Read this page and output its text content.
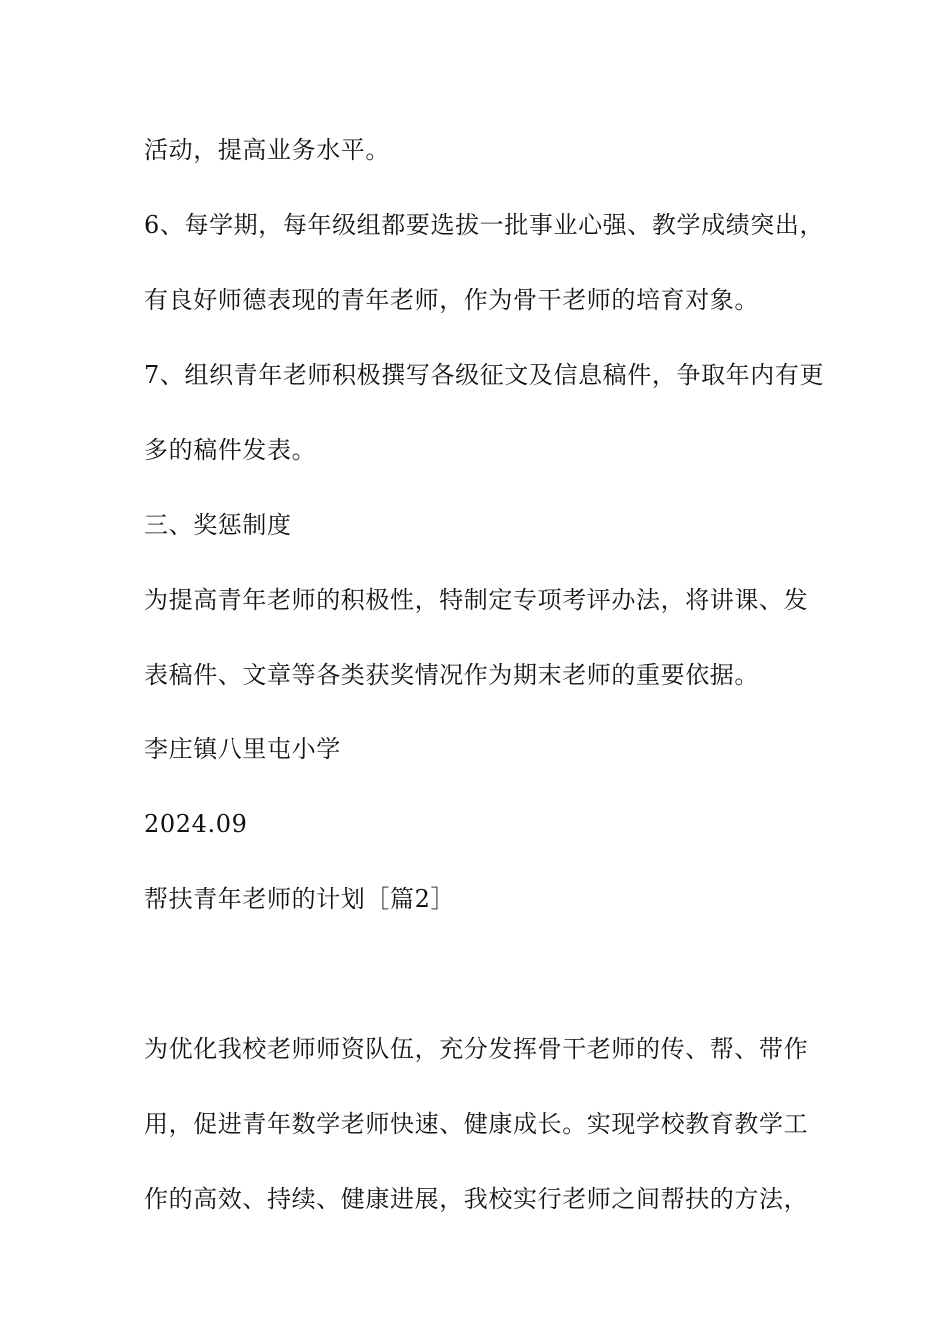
活动，提高业务水平。
6、每学期，每年级组都要选拔一批事业心强、教学成绩突出，
有良好师德表现的青年老师，作为骨干老师的培育对象。
7、组织青年老师积极撰写各级征文及信息稿件，争取年内有更
多的稿件发表。
三、奖惩制度
为提高青年老师的积极性，特制定专项考评办法，将讲课、发
表稿件、文章等各类获奖情况作为期末老师的重要依据。
李庄镇八里屯小学
2024.09
帮扶青年老师的计划［篇2］
为优化我校老师师资队伍，充分发挥骨干老师的传、帮、带作
用，促进青年数学老师快速、健康成长。实现学校教育教学工
作的高效、持续、健康进展，我校实行老师之间帮扶的方法，
